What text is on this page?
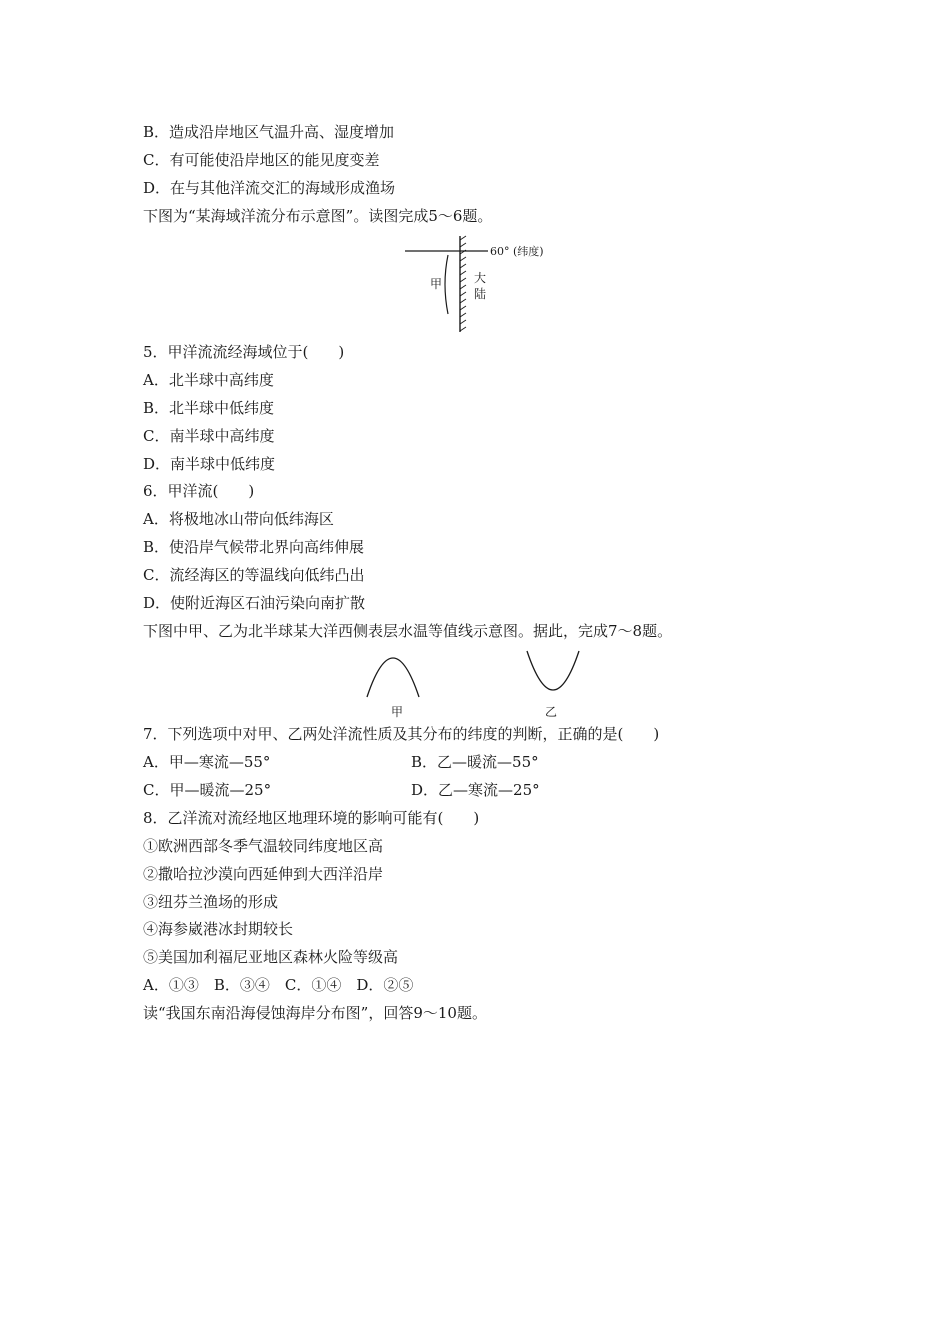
B．造成沿岸地区气温升高、湿度增加
C．有可能使沿岸地区的能见度变差
D．在与其他洋流交汇的海域形成渔场
下图为“某海域洋流分布示意图”。读图完成5～6题。
60° (纬度)
甲	大
陆
5．甲洋流流经海域位于(　　)
A．北半球中高纬度
B．北半球中低纬度
C．南半球中高纬度
D．南半球中低纬度
6．甲洋流(　　)
A．将极地冰山带向低纬海区
B．使沿岸气候带北界向高纬伸展
C．流经海区的等温线向低纬凸出
D．使附近海区石油污染向南扩散
下图中甲、乙为北半球某大洋西侧表层水温等值线示意图。据此，完成7～8题。
甲	乙
7．下列选项中对甲、乙两处洋流性质及其分布的纬度的判断，正确的是(　　)
A．甲—寒流—55°	B．乙—暖流—55°
C．甲—暖流—25°	D．乙—寒流—25°
8．乙洋流对流经地区地理环境的影响可能有(　　)
①欧洲西部冬季气温较同纬度地区高
②撒哈拉沙漠向西延伸到大西洋沿岸
③纽芬兰渔场的形成
④海参崴港冰封期较长
⑤美国加利福尼亚地区森林火险等级高
A．①③　B．③④　C．①④　D．②⑤
读“我国东南沿海侵蚀海岸分布图”，回答9～10题。
